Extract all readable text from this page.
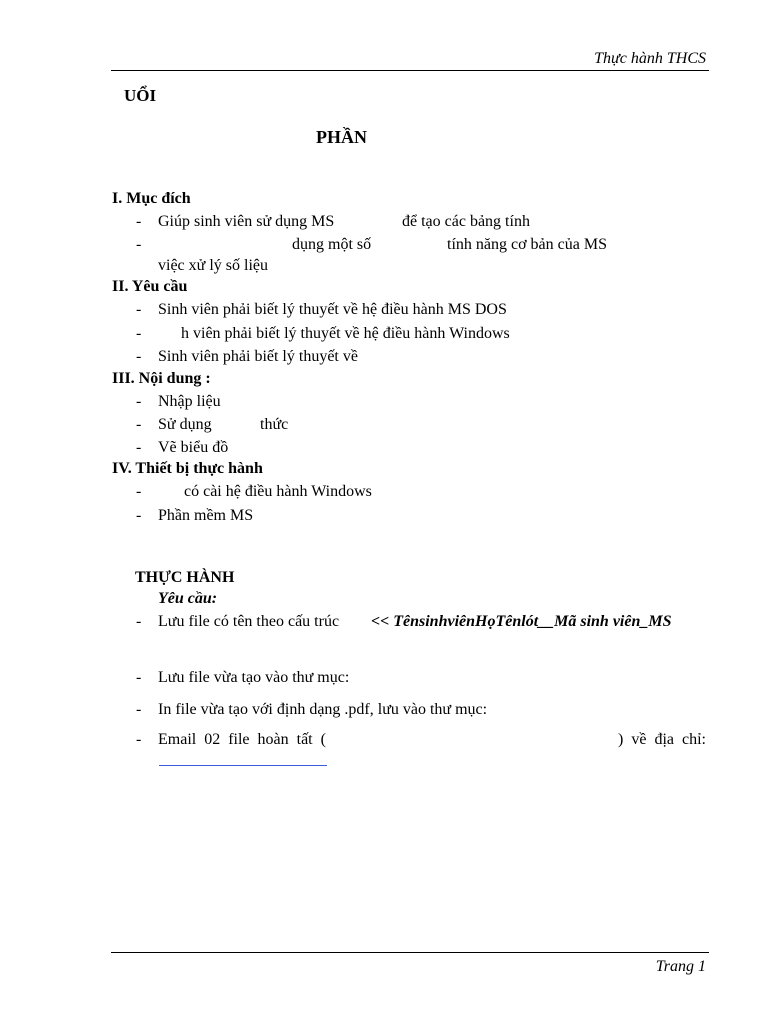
Thực hành THCS
UỔI
PHẦN
I. Mục đích
- Giúp sinh viên sử dụng MS	để tạo các bảng tính
-	dụng một số	tính năng cơ bản của MS
việc xử lý số liệu
II. Yêu cầu
- Sinh viên phải biết lý thuyết về hệ điều hành MS DOS
- h viên phải biết lý thuyết về hệ điều hành Windows
- Sinh viên phải biết lý thuyết về
III. Nội dung :
- Nhập liệu
- Sử dụng	thức
- Vẽ biểu đồ
IV. Thiết bị thực hành
-	có cài hệ điều hành Windows
- Phần mềm MS
THỰC HÀNH
Yêu cầu:
- Lưu file có tên theo cấu trúc << TênsinhviênHọTênlót__Mã sinh viên_MS
- Lưu file vừa tạo vào thư mục:
- In file vừa tạo với định dạng .pdf, lưu vào thư mục:
- Email 02 file hoàn tất (	) về địa chỉ:
Trang 1
